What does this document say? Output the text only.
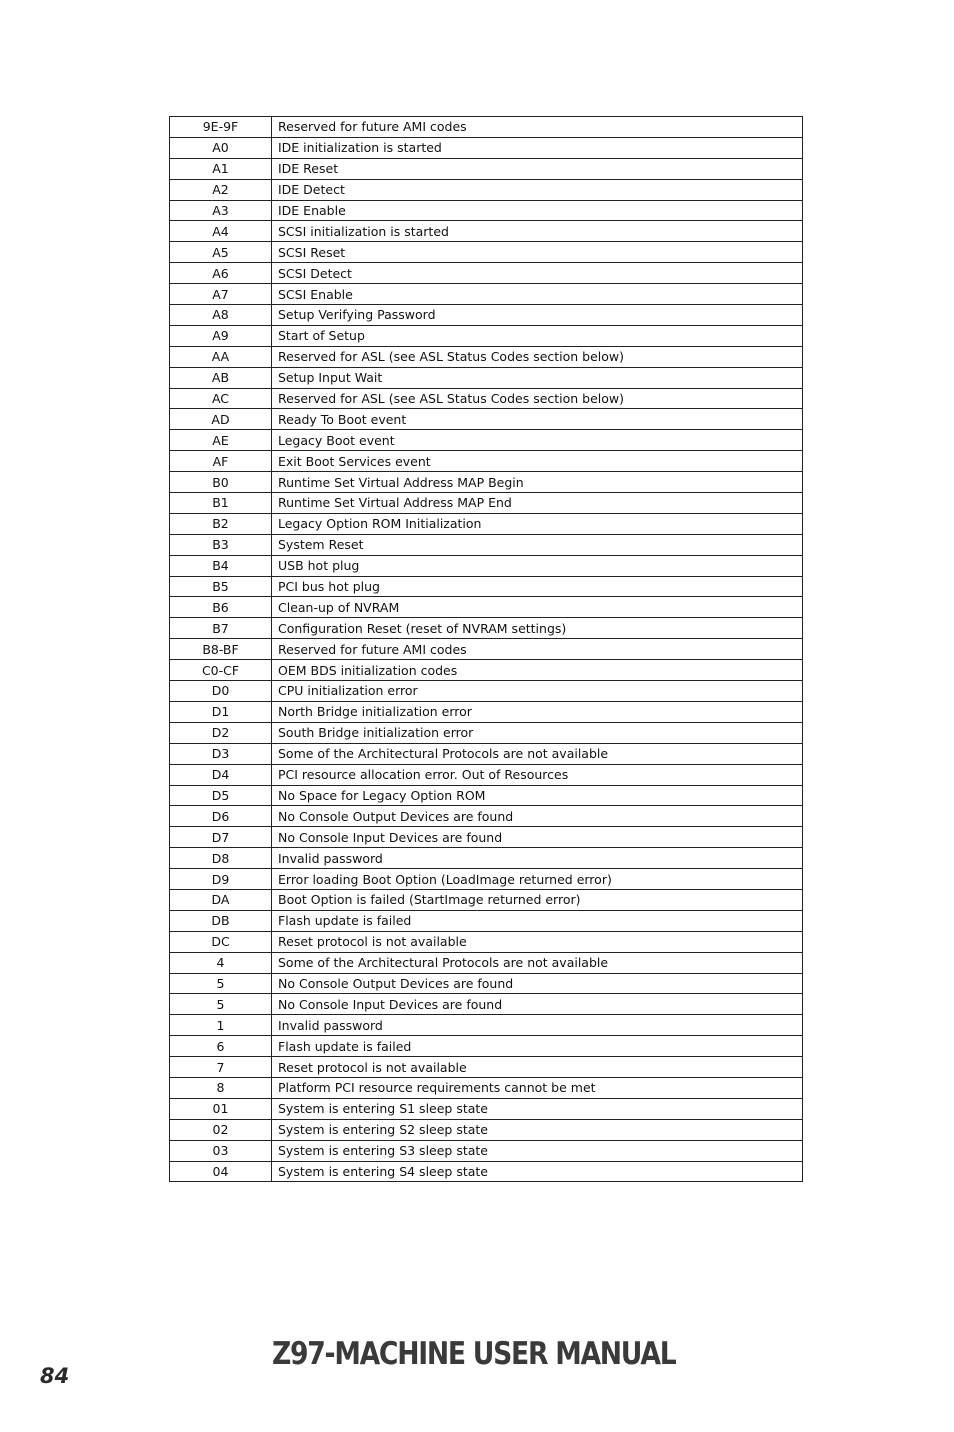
9E-9F	Reserved for future AMI codes
A0	IDE initialization is started
A1	IDE Reset
A2	IDE Detect
A3	IDE Enable
A4	SCSI initialization is started
A5	SCSI Reset
A6	SCSI Detect
A7	SCSI Enable
A8	Setup Verifying Password
A9	Start of Setup
AA	Reserved for ASL (see ASL Status Codes section below)
AB	Setup Input Wait
AC	Reserved for ASL (see ASL Status Codes section below)
AD	Ready To Boot event
AE	Legacy Boot event
AF	Exit Boot Services event
B0	Runtime Set Virtual Address MAP Begin
B1	Runtime Set Virtual Address MAP End
B2	Legacy Option ROM Initialization
B3	System Reset
B4	USB hot plug
B5	PCI bus hot plug
B6	Clean-up of NVRAM
B7	Configuration Reset (reset of NVRAM settings)
B8-BF	Reserved for future AMI codes
C0-CF	OEM BDS initialization codes
D0	CPU initialization error
D1	North Bridge initialization error
D2	South Bridge initialization error
D3	Some of the Architectural Protocols are not available
D4	PCI resource allocation error. Out of Resources
D5	No Space for Legacy Option ROM
D6	No Console Output Devices are found
D7	No Console Input Devices are found
D8	Invalid password
D9	Error loading Boot Option (LoadImage returned error)
DA	Boot Option is failed (StartImage returned error)
DB	Flash update is failed
DC	Reset protocol is not available
4	Some of the Architectural Protocols are not available
5	No Console Output Devices are found
5	No Console Input Devices are found
1	Invalid password
6	Flash update is failed
7	Reset protocol is not available
8	Platform PCI resource requirements cannot be met
01	System is entering S1 sleep state
02	System is entering S2 sleep state
03	System is entering S3 sleep state
04	System is entering S4 sleep state
84
Z97-MACHINE USER MANUAL
